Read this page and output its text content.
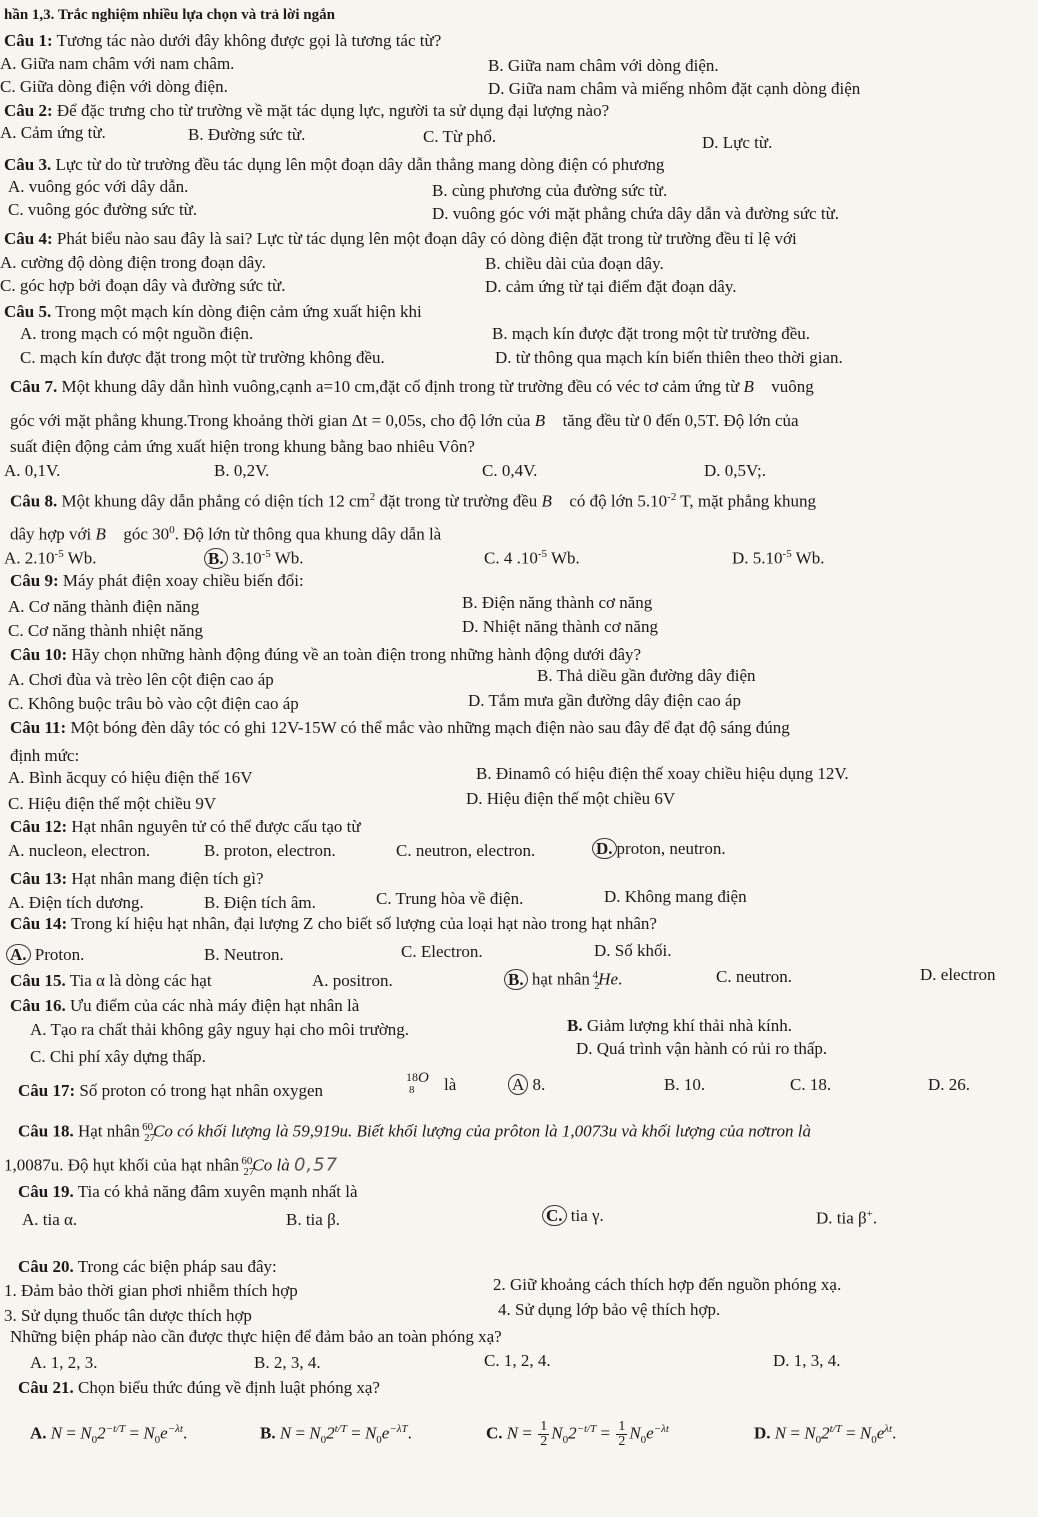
hần 1,3. Trắc nghiệm nhiều lựa chọn và trả lời ngắn
Câu 1: Tương tác nào dưới đây không được gọi là tương tác từ?
A. Giữa nam châm với nam châm.	B. Giữa nam châm với dòng điện.
C. Giữa dòng điện với dòng điện.	D. Giữa nam châm và miếng nhôm đặt cạnh dòng điện
Câu 2: Để đặc trưng cho từ trường về mặt tác dụng lực, người ta sử dụng đại lượng nào?
A. Cảm ứng từ.	B. Đường sức từ.	C. Từ phổ.	D. Lực từ.
Câu 3. Lực từ do từ trường đều tác dụng lên một đoạn dây dẫn thẳng mang dòng điện có phương
A. vuông góc với dây dẫn.	B. cùng phương của đường sức từ.
C. vuông góc đường sức từ.	D. vuông góc với mặt phẳng chứa dây dẫn và đường sức từ.
Câu 4: Phát biểu nào sau đây là sai? Lực từ tác dụng lên một đoạn dây có dòng điện đặt trong từ trường đều tỉ lệ với
A. cường độ dòng điện trong đoạn dây.	B. chiều dài của đoạn dây.
C. góc hợp bởi đoạn dây và đường sức từ.	D. cảm ứng từ tại điểm đặt đoạn dây.
Câu 5. Trong một mạch kín dòng điện cảm ứng xuất hiện khi
A. trong mạch có một nguồn điện.	B. mạch kín được đặt trong một từ trường đều.
C. mạch kín được đặt trong một từ trường không đều.	D. từ thông qua mạch kín biến thiên theo thời gian.
Câu 7. Một khung dây dẫn hình vuông,cạnh a=10 cm,đặt cố định trong từ trường đều có véc tơ cảm ứng từ B⃗ vuông
góc với mặt phẳng khung.Trong khoảng thời gian Δt = 0,05s, cho độ lớn của B⃗ tăng đều từ 0 đến 0,5T. Độ lớn của
suất điện động cảm ứng xuất hiện trong khung bằng bao nhiêu Vôn?
A. 0,1V.	B. 0,2V.	C. 0,4V.	D. 0,5V;.
Câu 8. Một khung dây dẫn phẳng có diện tích 12 $cm^2$ đặt trong từ trường đều B⃗ có độ lớn $5.10^{-2}$ T, mặt phẳng khung
dây hợp với B⃗ góc $30^0$. Độ lớn từ thông qua khung dây dẫn là
A. $2.10^{-5}$ Wb.	B. $3.10^{-5}$ Wb.	C. 4 $.10^{-5}$ Wb.	D. $5.10^{-5}$ Wb.
Câu 9: Máy phát điện xoay chiều biến đổi:
A. Cơ năng thành điện năng	B. Điện năng thành cơ năng
C. Cơ năng thành nhiệt năng	D. Nhiệt năng thành cơ năng
Câu 10: Hãy chọn những hành động đúng về an toàn điện trong những hành động dưới đây?
A. Chơi đùa và trèo lên cột điện cao áp	B. Thả diều gần đường dây điện
C. Không buộc trâu bò vào cột điện cao áp	D. Tắm mưa gần đường dây điện cao áp
Câu 11: Một bóng đèn dây tóc có ghi 12V-15W có thể mắc vào những mạch điện nào sau đây để đạt độ sáng đúng
định mức:
A. Bình ăcquy có hiệu điện thế 16V	B. Đinamô có hiệu điện thế xoay chiều hiệu dụng 12V.
C. Hiệu điện thế một chiều 9V	D. Hiệu điện thế một chiều 6V
Câu 12: Hạt nhân nguyên tử có thể được cấu tạo từ
A. nucleon, electron.	B. proton, electron.	C. neutron, electron.	D. proton, neutron.
Câu 13: Hạt nhân mang điện tích gì?
A. Điện tích dương.	B. Điện tích âm.	C. Trung hòa về điện.	D. Không mang điện
Câu 14: Trong kí hiệu hạt nhân, đại lượng Z cho biết số lượng của loại hạt nào trong hạt nhân?
A. Proton.	B. Neutron.	C. Electron.	D. Số khối.
Câu 15. Tia α là dòng các hạt	A. positron.	B. hạt nhân $_2^4$He.	C. neutron.	D. electron
Câu 16. Ưu điểm của các nhà máy điện hạt nhân là
A. Tạo ra chất thải không gây nguy hại cho môi trường.	B. Giảm lượng khí thải nhà kính.
C. Chi phí xây dựng thấp.	D. Quá trình vận hành có rủi ro thấp.
Câu 17: Số proton có trong hạt nhân oxygen
$^{18}$O
$^8$	là	A 8.	B. 10.	C. 18.	D. 26.
Câu 18. Hạt nhân $_{27}^{60}$Co có khối lượng là 59,919u. Biết khối lượng của prôton là 1,0073u và khối lượng của nơtron là
1,0087u. Độ hụt khối của hạt nhân $_{27}^{60}$Co là 0,57
Câu 19. Tia có khả năng đâm xuyên mạnh nhất là
A. tia α.	B. tia β.	C. tia γ.	D. tia β+.
Câu 20. Trong các biện pháp sau đây:
1. Đảm bảo thời gian phơi nhiễm thích hợp	2. Giữ khoảng cách thích hợp đến nguồn phóng xạ.
3. Sử dụng thuốc tân dược thích hợp	4. Sử dụng lớp bảo vệ thích hợp.
Những biện pháp nào cần được thực hiện để đảm bảo an toàn phóng xạ?
A. 1, 2, 3.	B. 2, 3, 4.	C. 1, 2, 4.	D. 1, 3, 4.
Câu 21. Chọn biểu thức đúng về định luật phóng xạ?
A. $N = N_02^{-t/T} = N_0e^{-\lambda t}$.	B. $N = N_02^{t/T} = N_0e^{-\lambda T}$.	C. $N = \frac{1}{2} N_02^{-t/T} = \frac{1}{2} N_0e^{-\lambda t}$	D. $N = N_02^{t/T} = N_0e^{\lambda t}$.
